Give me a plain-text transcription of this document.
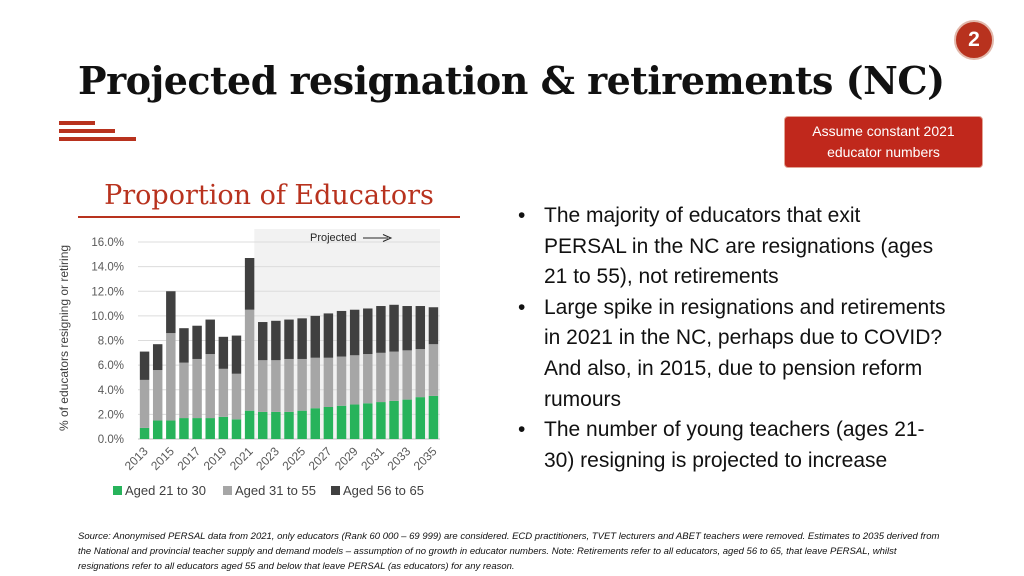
2
Projected resignation & retirements (NC)
Assume constant 2021 educator numbers
Proportion of Educators
0.0%
2.0%
4.0%
6.0%
8.0%
10.0%
12.0%
14.0%
16.0%
2013
2015
2017
2019
2021
2023
2025
2027
2029
2031
2033
2035
% of educators resigning or retiring
Projected
Aged 21 to 30 Aged 31 to 55 Aged 56 to 65
• The majority of educators that exit PERSAL in the NC are resignations (ages 21 to 55), not retirements
• Large spike in resignations and retirements in 2021 in the NC, perhaps due to COVID? And also, in 2015, due to pension reform rumours
• The number of young teachers (ages 21-30) resigning is projected to increase
Source: Anonymised PERSAL data from 2021, only educators (Rank 60 000 – 69 999) are considered. ECD practitioners, TVET lecturers and ABET teachers were removed. Estimates to 2035 derived from the National and provincial teacher supply and demand models – assumption of no growth in educator numbers. Note: Retirements refer to all educators, aged 56 to 65, that leave PERSAL, whilst resignations refer to all educators aged 55 and below that leave PERSAL (as educators) for any reason.
